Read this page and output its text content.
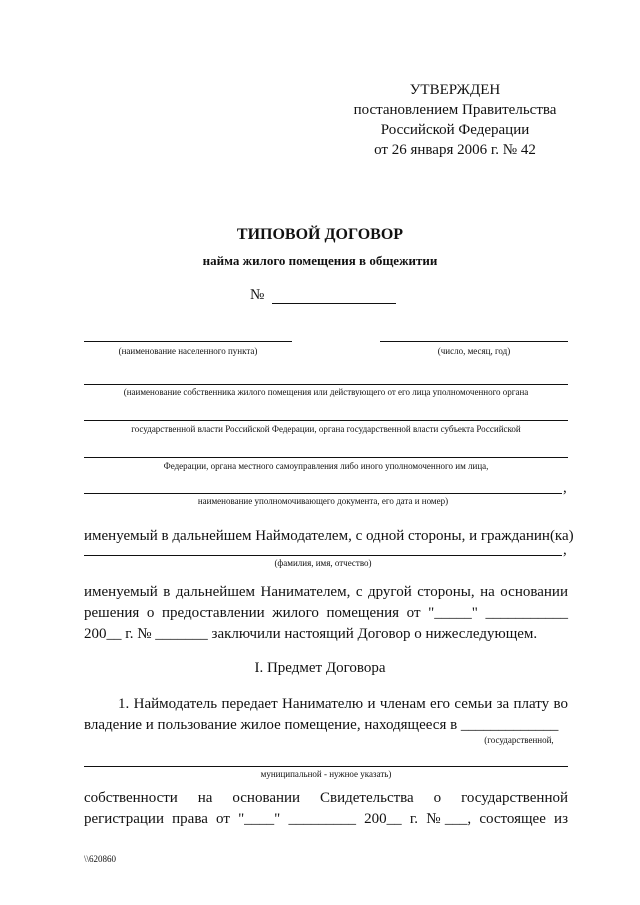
УТВЕРЖДЕН
постановлением Правительства
Российской Федерации
от 26 января 2006 г. № 42
ТИПОВОЙ ДОГОВОР
найма жилого помещения в общежитии
№
(наименование населенного пункта)	(число, месяц, год)
(наименование собственника жилого помещения или действующего от его лица уполномоченного органа
государственной власти Российской Федерации, органа государственной власти субъекта Российской
Федерации, органа местного самоуправления либо иного уполномоченного им лица,
,
наименование уполномочивающего документа, его дата и номер)
именуемый в дальнейшем Наймодателем, с одной стороны, и гражданин(ка)
,
(фамилия, имя, отчество)
именуемый в дальнейшем Нанимателем, с другой стороны, на основании
решения о предоставлении жилого помещения от "_____" ___________
200__ г. № _______ заключили настоящий Договор о нижеследующем.
I. Предмет Договора
1. Наймодатель передает Нанимателю и членам его семьи за плату во
владение и пользование жилое помещение, находящееся в _____________
(государственной,
муниципальной - нужное указать)
собственности на основании Свидетельства о государственной
регистрации права от "____" _________ 200__ г. №___, состоящее из
\\620860
